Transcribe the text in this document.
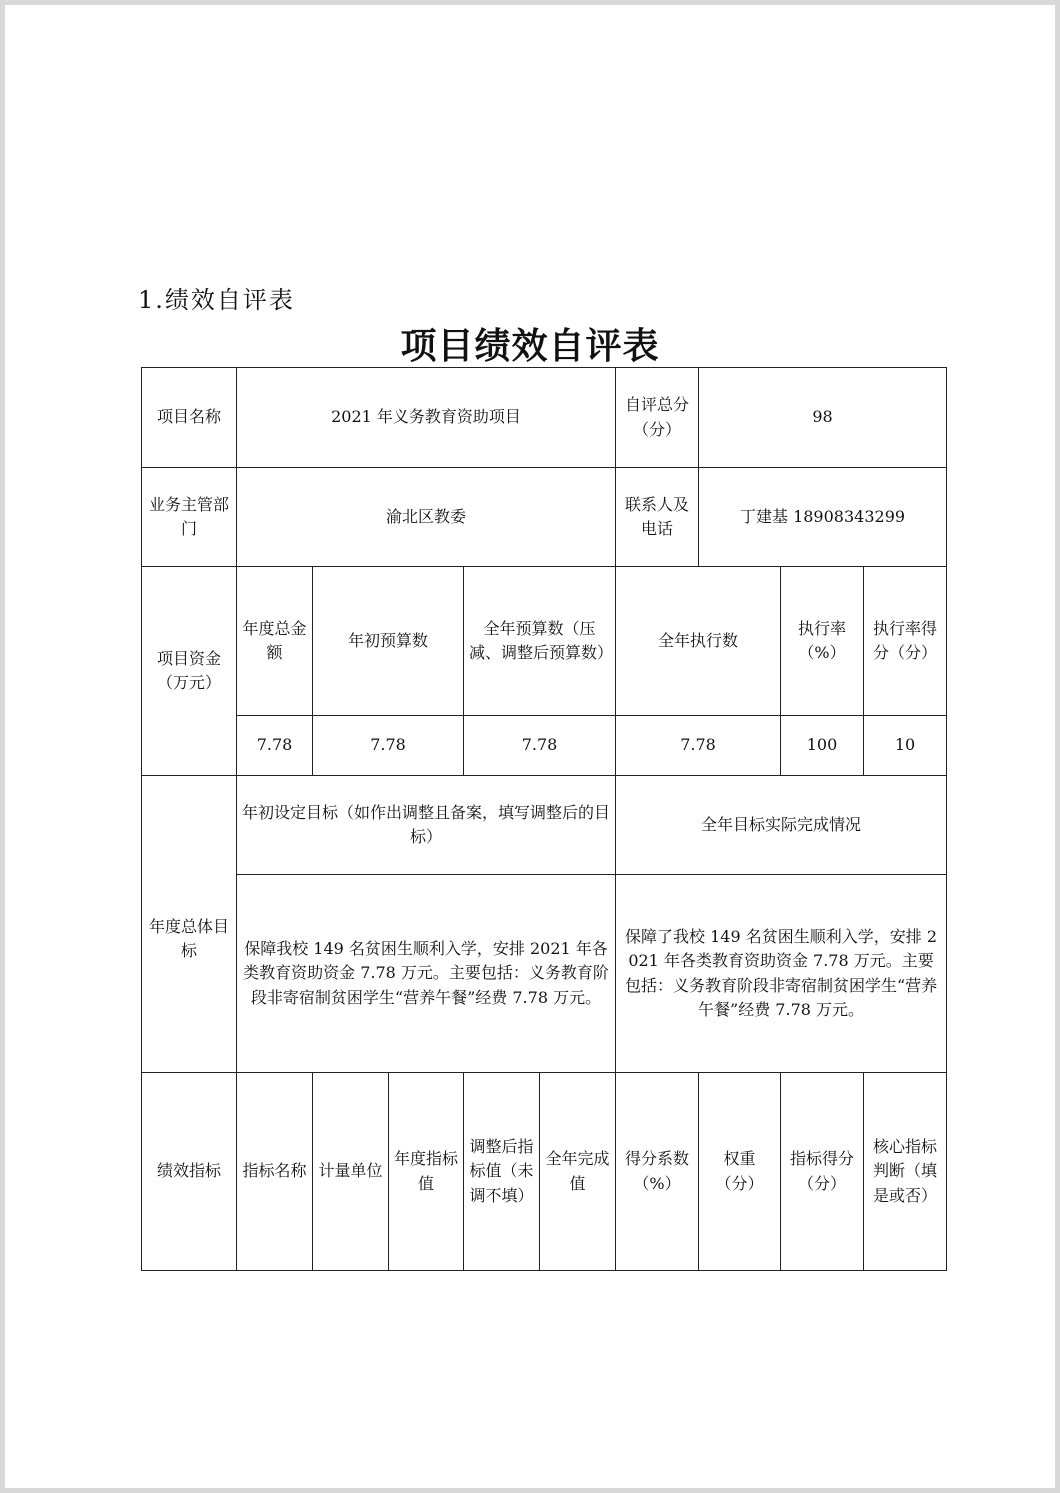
1.绩效自评表
项目绩效自评表
项目名称	2021 年义务教育资助项目					自评总分（分）	98		
业务主管部门	渝北区教委					联系人及电话	丁建基 18908343299		
项目资金（万元）	年度总金额	年初预算数		全年预算数（压减、调整后预算数）		全年执行数		执行率（%）	执行率得分（分）
	7.78	7.78		7.78		7.78		100	10
年度总体目标	年初设定目标（如作出调整且备案，填写调整后的目标）					全年目标实际完成情况			
	保障我校 149 名贫困生顺利入学，安排 2021 年各类教育资助资金 7.78 万元。主要包括：义务教育阶段非寄宿制贫困学生“营养午餐”经费 7.78 万元。					保障了我校 149 名贫困生顺利入学，安排 2021 年各类教育资助资金 7.78 万元。主要包括：义务教育阶段非寄宿制贫困学生“营养午餐”经费 7.78 万元。			
绩效指标	指标名称	计量单位	年度指标值	调整后指标值（未调不填）	全年完成值	得分系数（%）	权重（分）	指标得分（分）	核心指标判断（填是或否）
